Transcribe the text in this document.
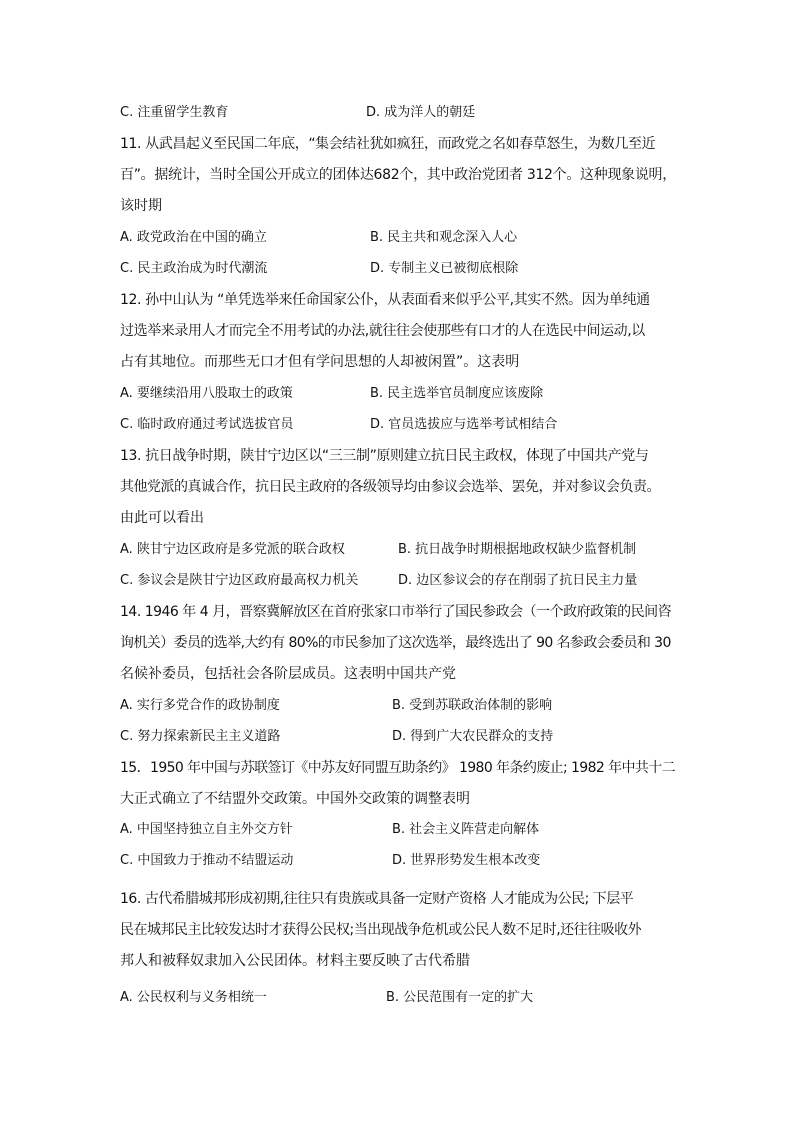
C. 注重留学生教育	D. 成为洋人的朝廷
11. 从武昌起义至民国二年底，“集会结社犹如疯狂，而政党之名如春草怒生，为数几至近
百”。据统计，当时全国公开成立的团体达682个，其中政治党团者 312个。这种现象说明，
该时期
A. 政党政治在中国的确立	B. 民主共和观念深入人心
C. 民主政治成为时代潮流	D. 专制主义已被彻底根除
12. 孙中山认为 “单凭选举来任命国家公仆，从表面看来似乎公平,其实不然。因为单纯通
过选举来录用人才而完全不用考试的办法,就往往会使那些有口才的人在选民中间运动,以
占有其地位。而那些无口才但有学问思想的人却被闲置”。这表明
A. 要继续沿用八股取士的政策	B. 民主选举官员制度应该废除
C. 临时政府通过考试选拔官员	D. 官员选拔应与选举考试相结合
13. 抗日战争时期，陕甘宁边区以“三三制”原则建立抗日民主政权，体现了中国共产党与
其他党派的真诚合作，抗日民主政府的各级领导均由参议会选举、罢免，并对参议会负责。
由此可以看出
A. 陕甘宁边区政府是多党派的联合政权	B. 抗日战争时期根据地政权缺少监督机制
C. 参议会是陕甘宁边区政府最高权力机关	D. 边区参议会的存在削弱了抗日民主力量
14. 1946 年 4 月，晋察冀解放区在首府张家口市举行了国民参政会（一个政府政策的民间咨
询机关）委员的选举,大约有 80%的市民参加了这次选举，最终选出了 90 名参政会委员和 30
名候补委员，包括社会各阶层成员。这表明中国共产党
A. 实行多党合作的政协制度	B. 受到苏联政治体制的影响
C. 努力探索新民主主义道路	D. 得到广大农民群众的支持
15．1950 年中国与苏联签订《中苏友好同盟互助条约》 1980 年条约废止; 1982 年中共十二
大正式确立了不结盟外交政策。中国外交政策的调整表明
A. 中国坚持独立自主外交方针	B. 社会主义阵营走向解体
C. 中国致力于推动不结盟运动	D. 世界形势发生根本改变
16. 古代希腊城邦形成初期,往往只有贵族或具备一定财产资格 人才能成为公民; 下层平
民在城邦民主比较发达时才获得公民权;当出现战争危机或公民人数不足时,还往往吸收外
邦人和被释奴隶加入公民团体。材料主要反映了古代希腊
A. 公民权利与义务相统一	B. 公民范围有一定的扩大
